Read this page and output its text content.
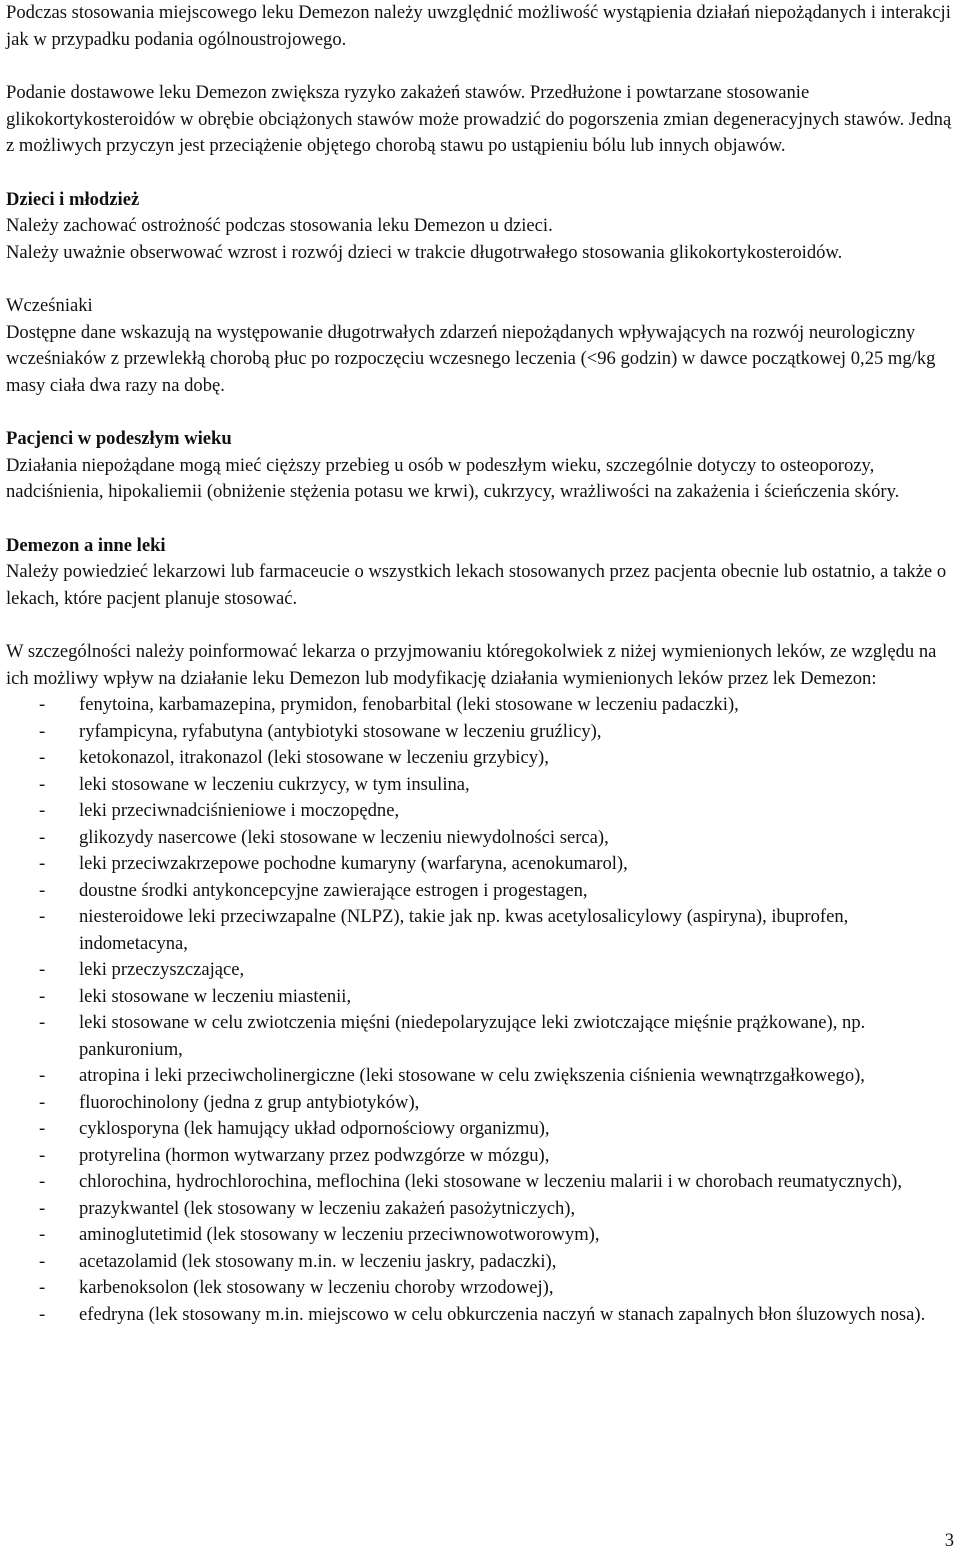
Podczas stosowania miejscowego leku Demezon należy uwzględnić możliwość wystąpienia działań niepożądanych i interakcji jak w przypadku podania ogólnoustrojowego.

Podanie dostawowe leku Demezon zwiększa ryzyko zakażeń stawów. Przedłużone i powtarzane stosowanie glikokortykosteroidów w obrębie obciążonych stawów może prowadzić do pogorszenia zmian degeneracyjnych stawów. Jedną z możliwych przyczyn jest przeciążenie objętego chorobą stawu po ustąpieniu bólu lub innych objawów.

Dzieci i młodzież

Należy zachować ostrożność podczas stosowania leku Demezon u dzieci.

Należy uważnie obserwować wzrost i rozwój dzieci w trakcie długotrwałego stosowania glikokortykosteroidów.

Wcześniaki

Dostępne dane wskazują na występowanie długotrwałych zdarzeń niepożądanych wpływających na rozwój neurologiczny wcześniaków z przewlekłą chorobą płuc po rozpoczęciu wczesnego leczenia (<96 godzin) w dawce początkowej 0,25 mg/kg masy ciała dwa razy na dobę.

Pacjenci w podeszłym wieku

Działania niepożądane mogą mieć cięższy przebieg u osób w podeszłym wieku, szczególnie dotyczy to osteoporozy, nadciśnienia, hipokaliemii (obniżenie stężenia potasu we krwi), cukrzycy, wrażliwości na zakażenia i ścieńczenia skóry.

Demezon a inne leki

Należy powiedzieć lekarzowi lub farmaceucie o wszystkich lekach stosowanych przez pacjenta obecnie lub ostatnio, a także o lekach, które pacjent planuje stosować.

W szczególności należy poinformować lekarza o przyjmowaniu któregokolwiek z niżej wymienionych leków, ze względu na ich możliwy wpływ na działanie leku Demezon lub modyfikację działania wymienionych leków przez lek Demezon:

- fenytoina, karbamazepina, prymidon, fenobarbital (leki stosowane w leczeniu padaczki),
- ryfampicyna, ryfabutyna (antybiotyki stosowane w leczeniu gruźlicy),
- ketokonazol, itrakonazol (leki stosowane w leczeniu grzybicy),
- leki stosowane w leczeniu cukrzycy, w tym insulina,
- leki przeciwnadciśnieniowe i moczopędne,
- glikozydy nasercowe (leki stosowane w leczeniu niewydolności serca),
- leki przeciwzakrzepowe pochodne kumaryny (warfaryna, acenokumarol),
- doustne środki antykoncepcyjne zawierające estrogen i progestagen,
- niesteroidowe leki przeciwzapalne (NLPZ), takie jak np. kwas acetylosalicylowy (aspiryna), ibuprofen, indometacyna,
- leki przeczyszczające,
- leki stosowane w leczeniu miastenii,
- leki stosowane w celu zwiotczenia mięśni (niedepolaryzujące leki zwiotczające mięśnie prążkowane), np. pankuronium,
- atropina i leki przeciwcholinergiczne (leki stosowane w celu zwiększenia ciśnienia wewnątrzgałkowego),
- fluorochinolony (jedna z grup antybiotyków),
- cyklosporyna (lek hamujący układ odpornościowy organizmu),
- protyrelina (hormon wytwarzany przez podwzgórze w mózgu),
- chlorochina, hydrochlorochina, meflochina (leki stosowane w leczeniu malarii i w chorobach reumatycznych),
- prazykwantel (lek stosowany w leczeniu zakażeń pasożytniczych),
- aminoglutetimid (lek stosowany w leczeniu przeciwnowotworowym),
- acetazolamid (lek stosowany m.in. w leczeniu jaskry, padaczki),
- karbenoksolon (lek stosowany w leczeniu choroby wrzodowej),
- efedryna (lek stosowany m.in. miejscowo w celu obkurczenia naczyń w stanach zapalnych błon śluzowych nosa).
3
